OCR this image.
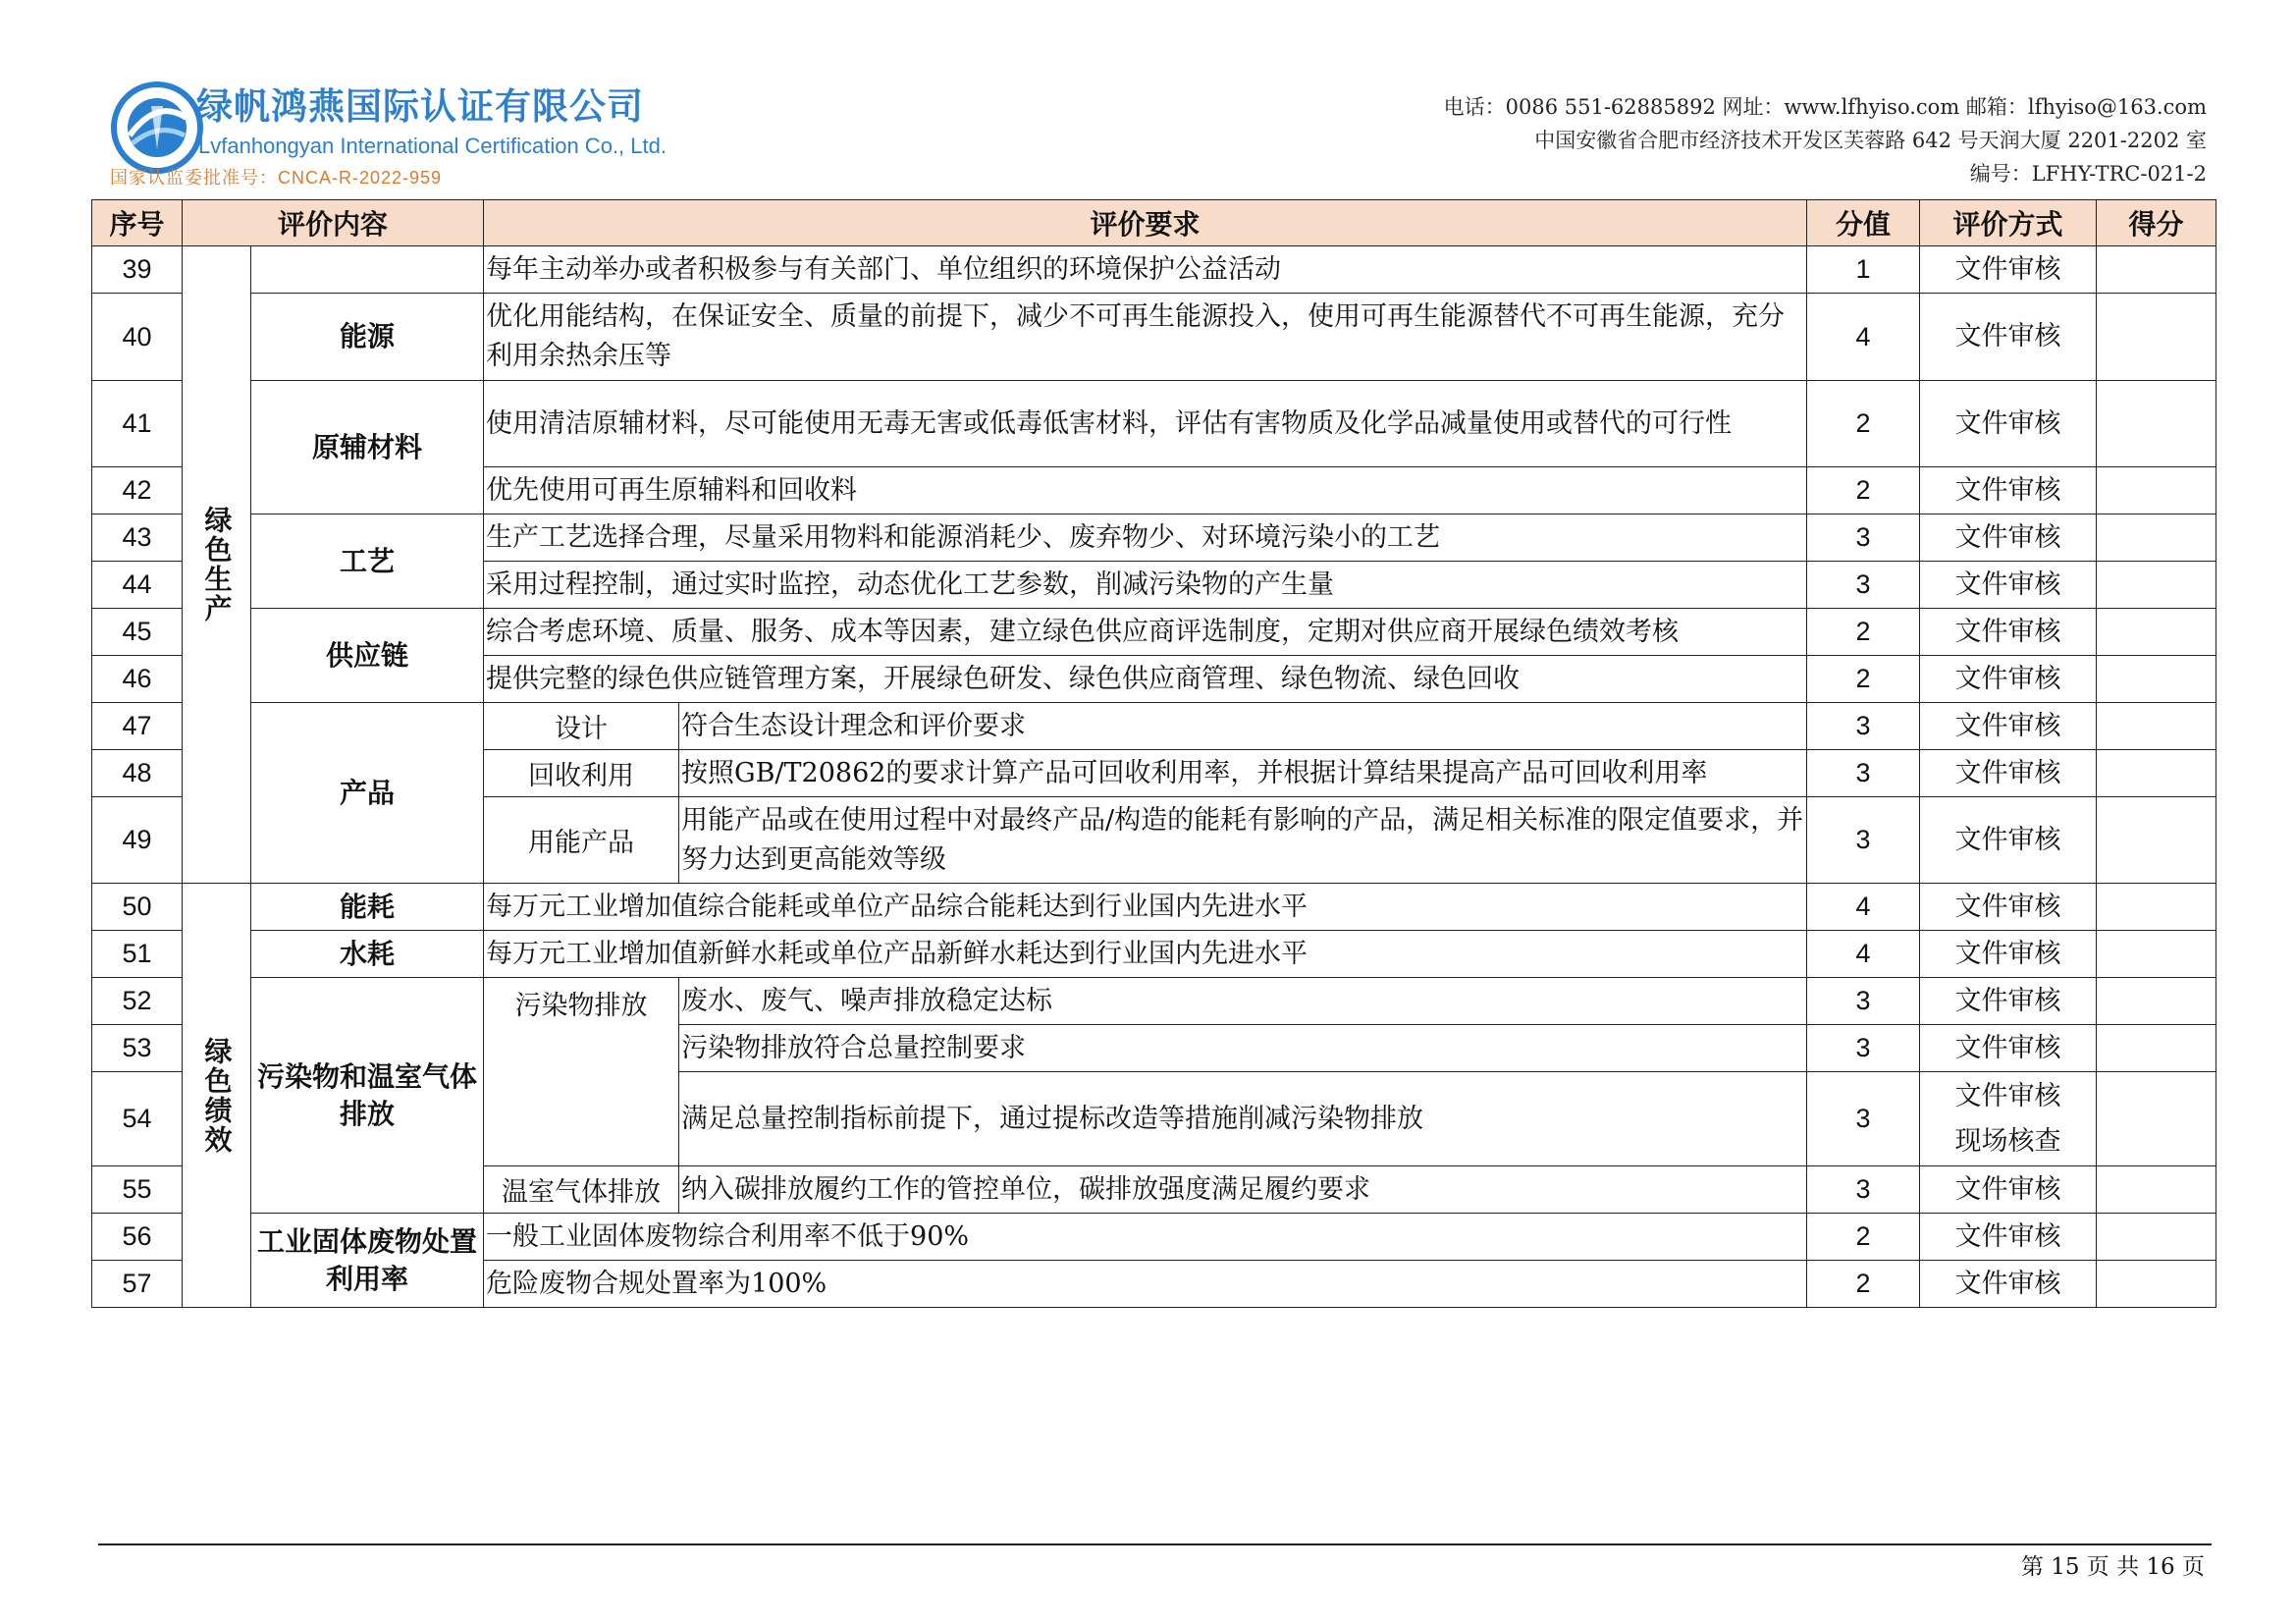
绿帆鸿燕国际认证有限公司
Lvfanhongyan International Certification Co., Ltd.
国家认监委批准号：CNCA-R-2022-959
电话：0086 551-62885892 网址：www.lfhyiso.com 邮箱：lfhyiso@163.com
中国安徽省合肥市经济技术开发区芙蓉路 642 号天润大厦 2201-2202 室
编号：LFHY-TRC-021-2
序号	评价内容		评价要求		分值	评价方式	得分
39	绿色生产		每年主动举办或者积极参与有关部门、单位组织的环境保护公益活动		1	文件审核	
40		能源	优化用能结构，在保证安全、质量的前提下，减少不可再生能源投入，使用可再生能源替代不可再生能源，充分利用余热余压等		4	文件审核	
41		原辅材料	使用清洁原辅材料，尽可能使用无毒无害或低毒低害材料，评估有害物质及化学品减量使用或替代的可行性		2	文件审核	
42			优先使用可再生原辅料和回收料		2	文件审核	
43		工艺	生产工艺选择合理，尽量采用物料和能源消耗少、废弃物少、对环境污染小的工艺		3	文件审核	
44			采用过程控制，通过实时监控，动态优化工艺参数，削减污染物的产生量		3	文件审核	
45		供应链	综合考虑环境、质量、服务、成本等因素，建立绿色供应商评选制度，定期对供应商开展绿色绩效考核		2	文件审核	
46			提供完整的绿色供应链管理方案，开展绿色研发、绿色供应商管理、绿色物流、绿色回收		2	文件审核	
47		产品	设计	符合生态设计理念和评价要求	3	文件审核	
48			回收利用	按照GB/T20862的要求计算产品可回收利用率，并根据计算结果提高产品可回收利用率	3	文件审核	
49			用能产品	用能产品或在使用过程中对最终产品/构造的能耗有影响的产品，满足相关标准的限定值要求，并努力达到更高能效等级	3	文件审核	
50	绿色绩效	能耗	每万元工业增加值综合能耗或单位产品综合能耗达到行业国内先进水平		4	文件审核	
51		水耗	每万元工业增加值新鲜水耗或单位产品新鲜水耗达到行业国内先进水平		4	文件审核	
52		污染物和温室气体排放	污染物排放	废水、废气、噪声排放稳定达标	3	文件审核	
53				污染物排放符合总量控制要求	3	文件审核	
54				满足总量控制指标前提下，通过提标改造等措施削减污染物排放	3	文件审核
现场核查	

55			温室气体排放	纳入碳排放履约工作的管控单位，碳排放强度满足履约要求	3	文件审核	
56		工业固体废物处置利用率	一般工业固体废物综合利用率不低于90%		2	文件审核	
57			危险废物合规处置率为100%		2	文件审核	
第 15 页 共 16 页
